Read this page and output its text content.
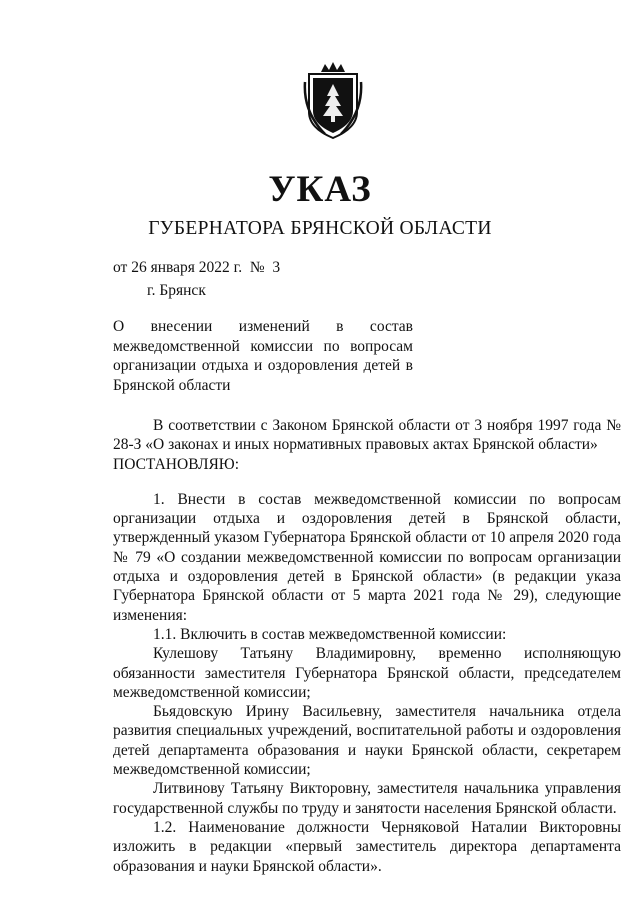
УКАЗ
ГУБЕРНАТОРА БРЯНСКОЙ ОБЛАСТИ
от 26 января 2022 г.  №  3
г. Брянск
О внесении изменений в состав межведомственной комиссии по вопросам организации отдыха и оздоровления детей в Брянской области

В соответствии с Законом Брянской области от 3 ноября 1997 года № 28-З «О законах и иных нормативных правовых актах Брянской области»

ПОСТАНОВЛЯЮ:

1. Внести в состав межведомственной комиссии по вопросам организации отдыха и оздоровления детей в Брянской области, утвержденный указом Губернатора Брянской области от 10 апреля 2020 года № 79 «О создании межведомственной комиссии по вопросам организации отдыха и оздоровления детей в Брянской области» (в редакции указа Губернатора Брянской области от 5 марта 2021 года № 29), следующие изменения:

1.1. Включить в состав межведомственной комиссии:

Кулешову Татьяну Владимировну, временно исполняющую обязанности заместителя Губернатора Брянской области, председателем межведомственной комиссии;

Бьядовскую Ирину Васильевну, заместителя начальника отдела развития специальных учреждений, воспитательной работы и оздоровления детей департамента образования и науки Брянской области, секретарем межведомственной комиссии;

Литвинову Татьяну Викторовну, заместителя начальника управления государственной службы по труду и занятости населения Брянской области.

1.2. Наименование должности Черняковой Наталии Викторовны изложить в редакции «первый заместитель директора департамента образования и науки Брянской области».
